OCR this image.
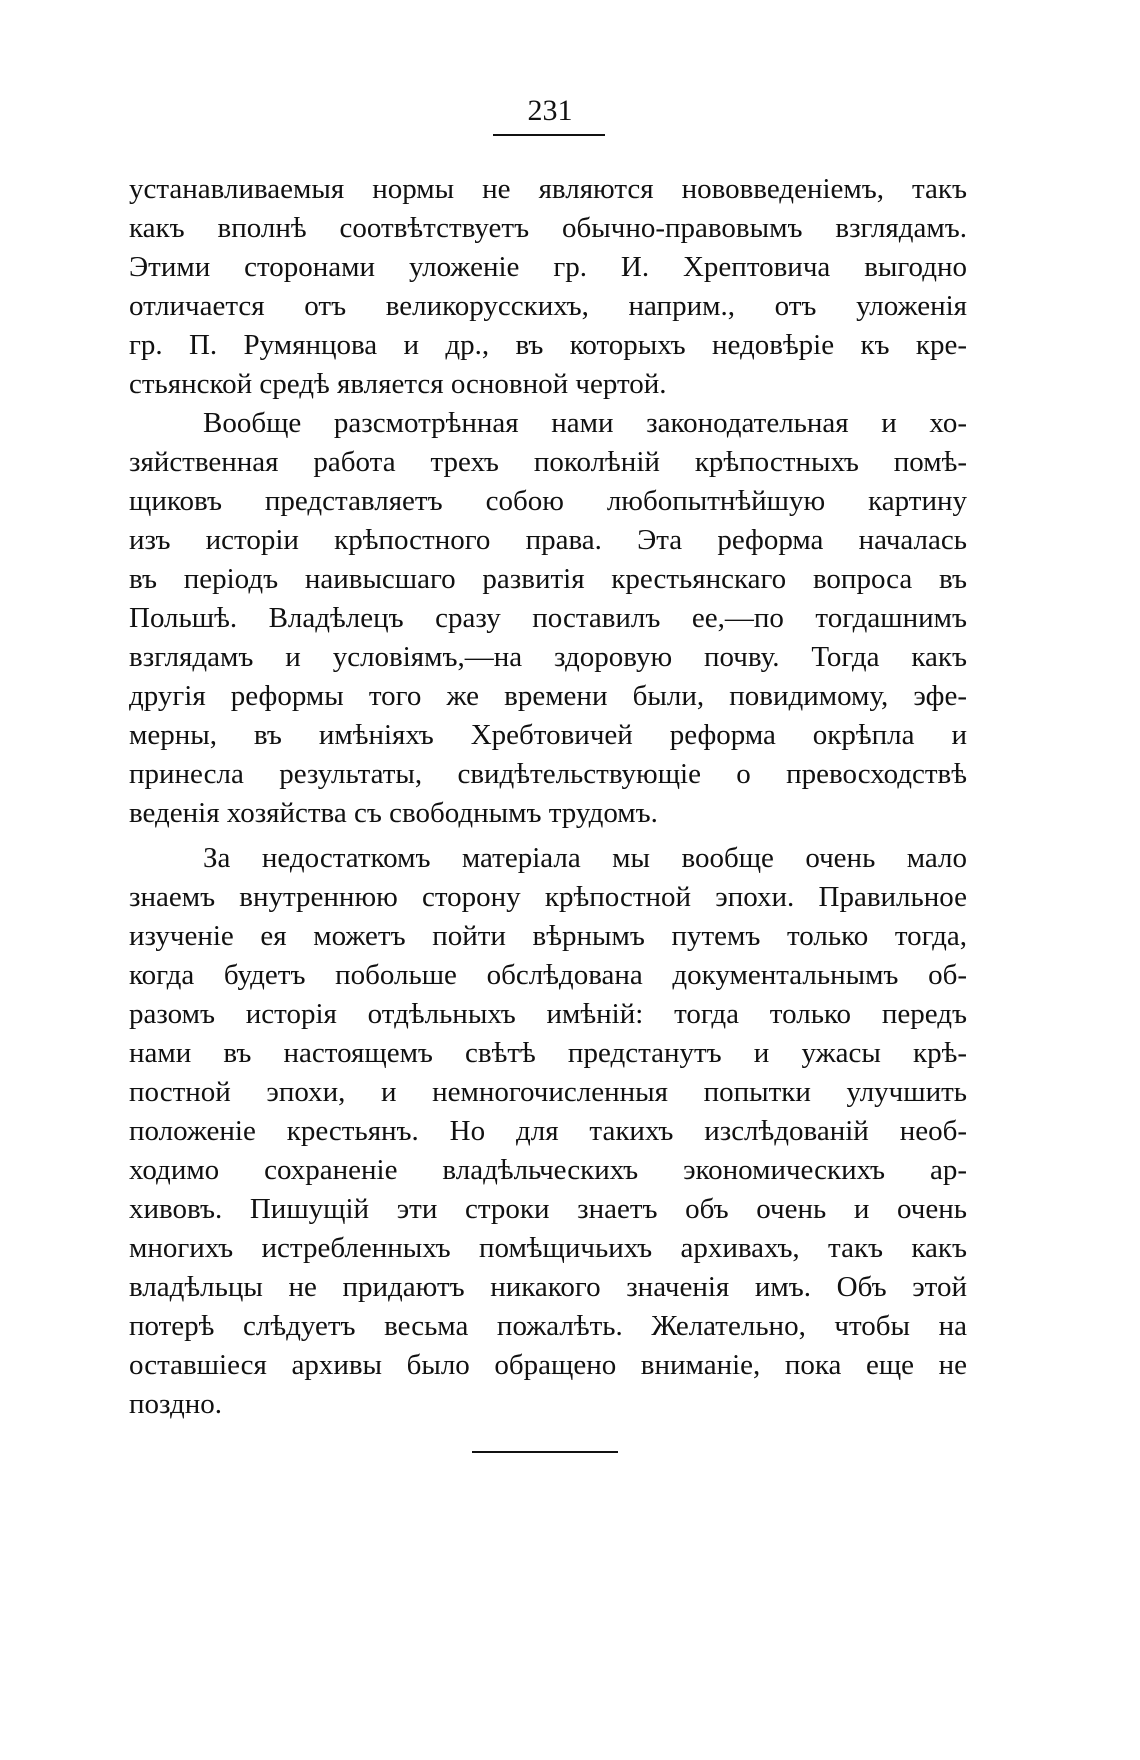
231
устанавливаемыя нормы не являются нововведенiемъ, такъ
какъ вполнѣ соотвѣтствуетъ обычно-правовымъ взглядамъ.
Этими сторонами уложенiе гр. И. Хрептовича выгодно
отличается отъ великорусскихъ, наприм., отъ уложенiя
гр. П. Румянцова и др., въ которыхъ недовѣрiе къ кре-
стьянской средѣ является основной чертой.
Вообще разсмотрѣнная нами законодательная и хо-
зяйственная работа трехъ поколѣнiй крѣпостныхъ помѣ-
щиковъ представляетъ собою любопытнѣйшую картину
изъ исторiи крѣпостного права. Эта реформа началась
въ перiодъ наивысшаго развитiя крестьянскаго вопроса въ
Польшѣ. Владѣлецъ сразу поставилъ ее,—по тогдашнимъ
взглядамъ и условiямъ,—на здоровую почву. Тогда какъ
другiя реформы того же времени были, повидимому, эфе-
мерны, въ имѣнiяхъ Хребтовичей реформа окрѣпла и
принесла результаты, свидѣтельствующiе о превосходствѣ
веденiя хозяйства съ свободнымъ трудомъ.
За недостаткомъ матерiала мы вообще очень мало
знаемъ внутреннюю сторону крѣпостной эпохи. Правильное
изученiе ея можетъ пойти вѣрнымъ путемъ только тогда,
когда будетъ побольше обслѣдована документальнымъ об-
разомъ исторiя отдѣльныхъ имѣнiй: тогда только передъ
нами въ настоящемъ свѣтѣ предстанутъ и ужасы крѣ-
постной эпохи, и немногочисленныя попытки улучшить
положенiе крестьянъ. Но для такихъ изслѣдованiй необ-
ходимо сохраненiе владѣльческихъ экономическихъ ар-
хивовъ. Пишущiй эти строки знаетъ объ очень и очень
многихъ истребленныхъ помѣщичьихъ архивахъ, такъ какъ
владѣльцы не придаютъ никакого значенiя имъ. Объ этой
потерѣ слѣдуетъ весьма пожалѣть. Желательно, чтобы на
оставшiеся архивы было обращено вниманiе, пока еще не
поздно.
